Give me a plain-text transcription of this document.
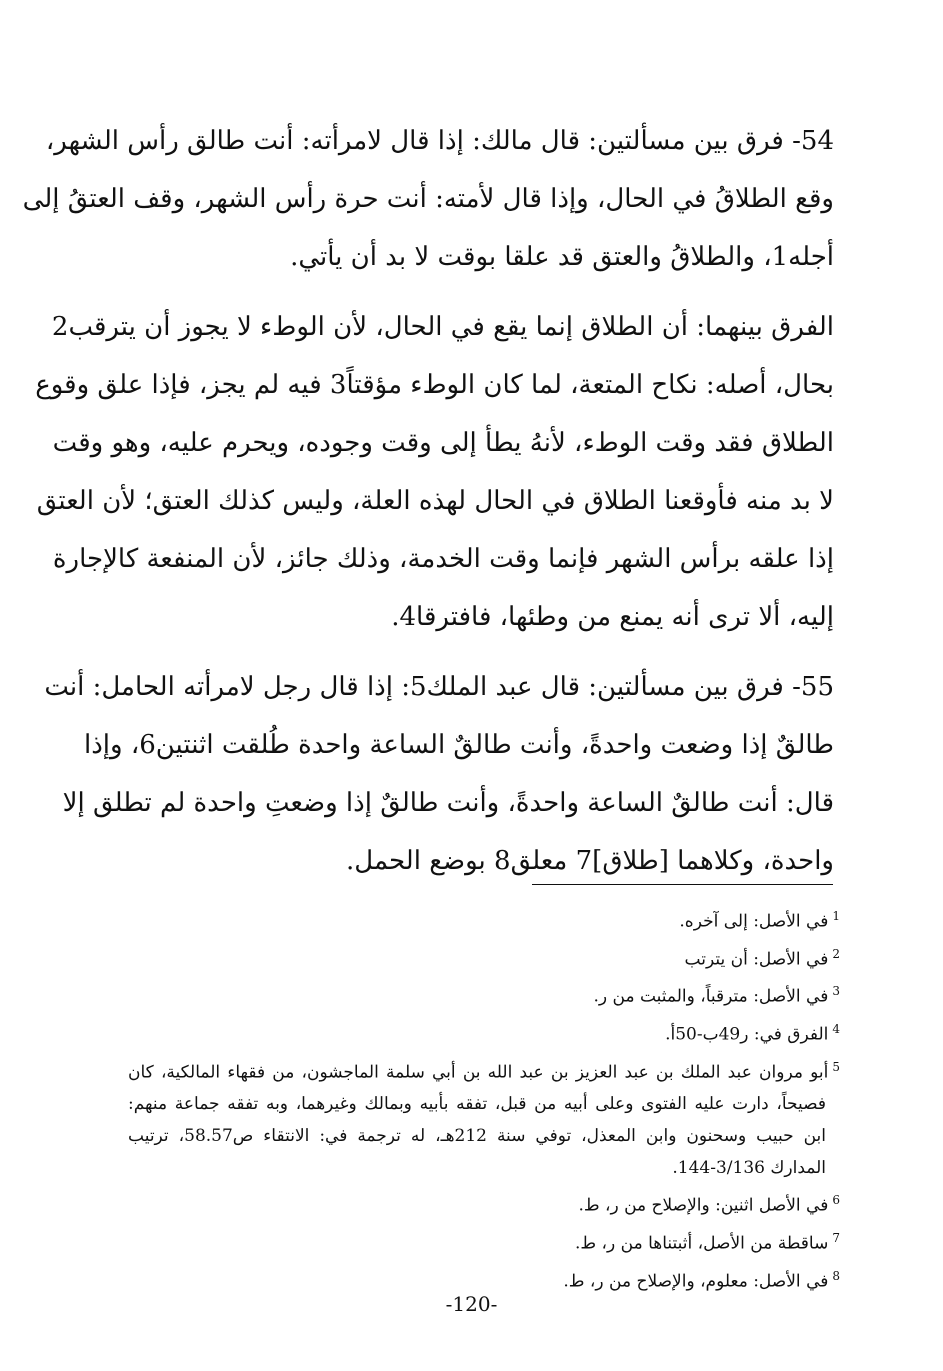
54- فرق بين مسألتين: قال مالك: إذا قال لامرأته: أنت طالق رأس الشهر،
وقع الطلاقُ في الحال، وإذا قال لأمته: أنت حرة رأس الشهر، وقف العتقُ إلى
أجله1، والطلاقُ والعتق قد علقا بوقت لا بد أن يأتي.
الفرق بينهما: أن الطلاق إنما يقع في الحال، لأن الوطء لا يجوز أن يترقب2
بحال، أصله: نكاح المتعة، لما كان الوطء مؤقتاً3 فيه لم يجز، فإذا علق وقوع
الطلاق فقد وقت الوطء، لأنهُ يطأ إلى وقت وجوده، ويحرم عليه، وهو وقت
لا بد منه فأوقعنا الطلاق في الحال لهذه العلة، وليس كذلك العتق؛ لأن العتق
إذا علقه برأس الشهر فإنما وقت الخدمة، وذلك جائز، لأن المنفعة كالإجارة
إليه، ألا ترى أنه يمنع من وطئها، فافترقا4.
55- فرق بين مسألتين: قال عبد الملك5: إذا قال رجل لامرأته الحامل: أنت
طالقٌ إذا وضعت واحدةً، وأنت طالقٌ الساعة واحدة طُلقت اثنتين6، وإذا
قال: أنت طالقٌ الساعة واحدةً، وأنت طالقٌ إذا وضعتِ واحدة لم تطلق إلا
واحدة، وكلاهما [طلاق]7 معلق8 بوضع الحمل.
$^1$في الأصل: إلى آخره.
$^2$في الأصل: أن يترتب
$^3$في الأصل: مترقباً، والمثبت من ر.
$^4$الفرق في: ر49ب-50أ.
$^5$أبو مروان عبد الملك بن عبد العزيز بن عبد الله بن أبي سلمة الماجشون، من فقهاء المالكية، كان
فصيحاً، دارت عليه الفتوى وعلى أبيه من قبل، تفقه بأبيه وبمالك وغيرهما، وبه تفقه جماعة منهم:
ابن حبيب وسحنون وابن المعذل، توفي سنة 212هـ، له ترجمة في: الانتقاء ص58.57، ترتيب
المدارك 3/136-144.
$^6$في الأصل اثنين: والإصلاح من ر، ط.
$^7$ساقطة من الأصل، أثبتناها من ر، ط.
$^8$في الأصل: معلوم، والإصلاح من ر، ط.
-120-
